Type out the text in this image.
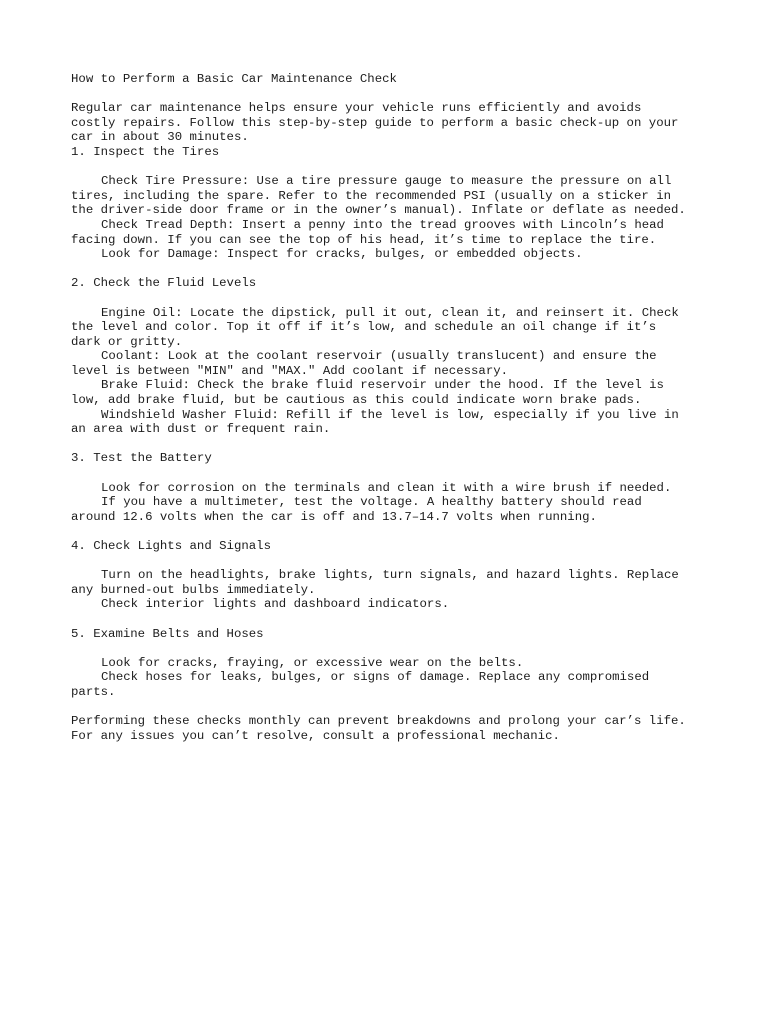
How to Perform a Basic Car Maintenance Check
Regular car maintenance helps ensure your vehicle runs efficiently and avoids
costly repairs. Follow this step-by-step guide to perform a basic check-up on your
car in about 30 minutes.
1. Inspect the Tires
Check Tire Pressure: Use a tire pressure gauge to measure the pressure on all
tires, including the spare. Refer to the recommended PSI (usually on a sticker in
the driver-side door frame or in the owner’s manual). Inflate or deflate as needed.
Check Tread Depth: Insert a penny into the tread grooves with Lincoln’s head
facing down. If you can see the top of his head, it’s time to replace the tire.
Look for Damage: Inspect for cracks, bulges, or embedded objects.
2. Check the Fluid Levels
Engine Oil: Locate the dipstick, pull it out, clean it, and reinsert it. Check
the level and color. Top it off if it’s low, and schedule an oil change if it’s
dark or gritty.
Coolant: Look at the coolant reservoir (usually translucent) and ensure the
level is between "MIN" and "MAX." Add coolant if necessary.
Brake Fluid: Check the brake fluid reservoir under the hood. If the level is
low, add brake fluid, but be cautious as this could indicate worn brake pads.
Windshield Washer Fluid: Refill if the level is low, especially if you live in
an area with dust or frequent rain.
3. Test the Battery
Look for corrosion on the terminals and clean it with a wire brush if needed.
If you have a multimeter, test the voltage. A healthy battery should read
around 12.6 volts when the car is off and 13.7–14.7 volts when running.
4. Check Lights and Signals
Turn on the headlights, brake lights, turn signals, and hazard lights. Replace
any burned-out bulbs immediately.
Check interior lights and dashboard indicators.
5. Examine Belts and Hoses
Look for cracks, fraying, or excessive wear on the belts.
Check hoses for leaks, bulges, or signs of damage. Replace any compromised
parts.
Performing these checks monthly can prevent breakdowns and prolong your car’s life.
For any issues you can’t resolve, consult a professional mechanic.
